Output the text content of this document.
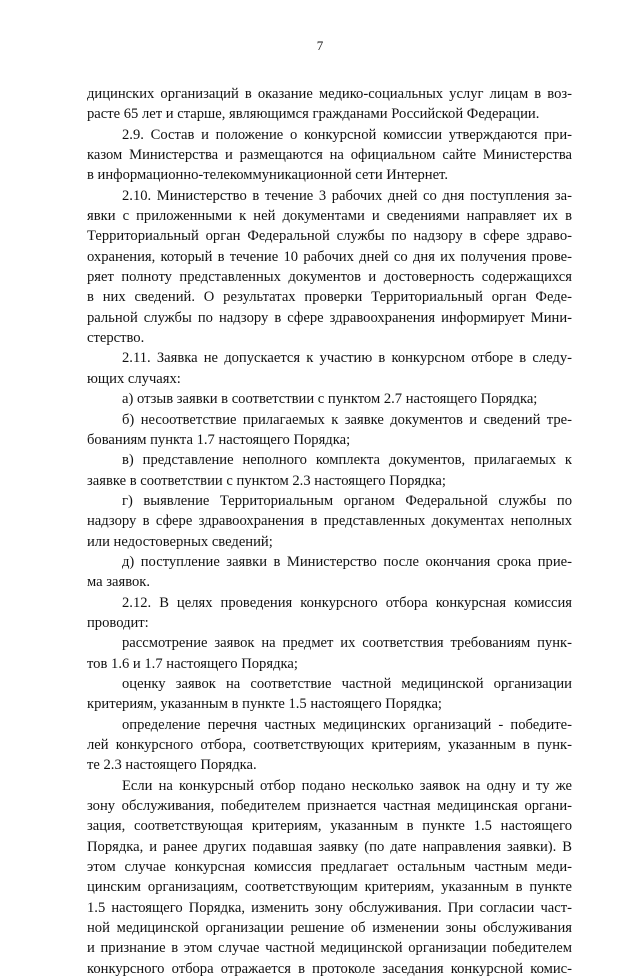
7
дицинских организаций в оказание медико-социальных услуг лицам в воз-
расте 65 лет и старше, являющимся гражданами Российской Федерации.
2.9. Состав и положение о конкурсной комиссии утверждаются при-
казом Министерства и размещаются на официальном сайте Министерства
в информационно-телекоммуникационной сети Интернет.
2.10. Министерство в течение 3 рабочих дней со дня поступления за-
явки с приложенными к ней документами и сведениями направляет их в
Территориальный орган Федеральной службы по надзору в сфере здраво-
охранения, который в течение 10 рабочих дней со дня их получения прове-
ряет полноту представленных документов и достоверность содержащихся
в них сведений. О результатах проверки Территориальный орган Феде-
ральной службы по надзору в сфере здравоохранения информирует Мини-
стерство.
2.11. Заявка не допускается к участию в конкурсном отборе в следу-
ющих случаях:
а) отзыв заявки в соответствии с пунктом 2.7 настоящего Порядка;
б) несоответствие прилагаемых к заявке документов и сведений тре-
бованиям пункта 1.7 настоящего Порядка;
в) представление неполного комплекта документов, прилагаемых к
заявке в соответствии с пунктом 2.3 настоящего Порядка;
г) выявление Территориальным органом Федеральной службы по
надзору в сфере здравоохранения в представленных документах неполных
или недостоверных сведений;
д) поступление заявки в Министерство после окончания срока прие-
ма заявок.
2.12. В целях проведения конкурсного отбора конкурсная комиссия
проводит:
рассмотрение заявок на предмет их соответствия требованиям пунк-
тов 1.6 и 1.7 настоящего Порядка;
оценку заявок на соответствие частной медицинской организации
критериям, указанным в пункте 1.5 настоящего Порядка;
определение перечня частных медицинских организаций - победите-
лей конкурсного отбора, соответствующих критериям, указанным в пунк-
те 2.3 настоящего Порядка.
Если на конкурсный отбор подано несколько заявок на одну и ту же
зону обслуживания, победителем признается частная медицинская органи-
зация, соответствующая критериям, указанным в пункте 1.5 настоящего
Порядка, и ранее других подавшая заявку (по дате направления заявки). В
этом случае конкурсная комиссия предлагает остальным частным меди-
цинским организациям, соответствующим критериям, указанным в пункте
1.5 настоящего Порядка, изменить зону обслуживания. При согласии част-
ной медицинской организации решение об изменении зоны обслуживания
и признание в этом случае частной медицинской организации победителем
конкурсного отбора отражается в протоколе заседания конкурсной комис-
